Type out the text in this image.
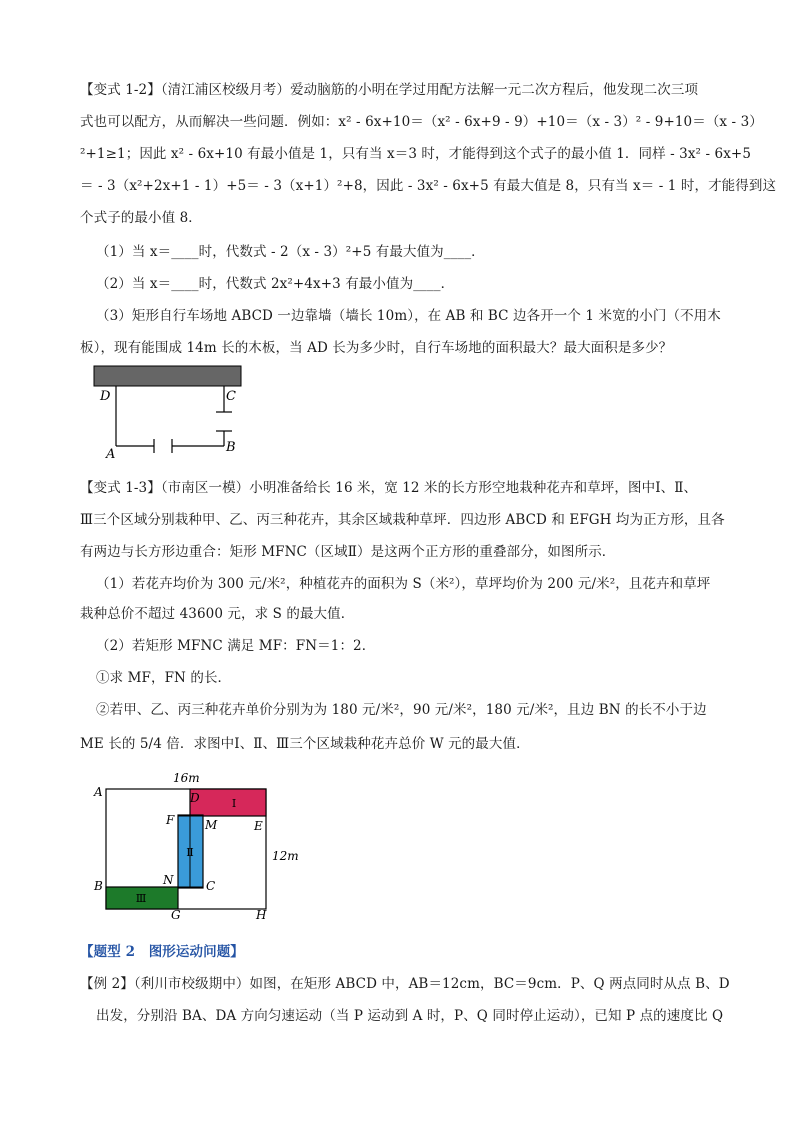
【变式 1-2】（清江浦区校级月考）爱动脑筋的小明在学过用配方法解一元二次方程后，他发现二次三项
式也可以配方，从而解决一些问题．例如：x² - 6x+10＝（x² - 6x+9 - 9）+10＝（x - 3）² - 9+10＝（x - 3）
²+1≥1；因此 x² - 6x+10 有最小值是 1，只有当 x＝3 时，才能得到这个式子的最小值 1．同样 - 3x² - 6x+5
＝ - 3（x²+2x+1 - 1）+5＝ - 3（x+1）²+8，因此 - 3x² - 6x+5 有最大值是 8，只有当 x＝ - 1 时，才能得到这
个式子的最小值 8．
（1）当 x＝____时，代数式 - 2（x - 3）²+5 有最大值为____．
（2）当 x＝____时，代数式 2x²+4x+3 有最小值为____．
（3）矩形自行车场地 ABCD 一边靠墙（墙长 10m），在 AB 和 BC 边各开一个 1 米宽的小门（不用木
板），现有能围成 14m 长的木板，当 AD 长为多少时，自行车场地的面积最大？最大面积是多少？
D	C
B
A
【变式 1-3】（市南区一模）小明准备给长 16 米，宽 12 米的长方形空地栽种花卉和草坪，图中Ⅰ、Ⅱ、
Ⅲ三个区域分别栽种甲、乙、丙三种花卉，其余区域栽种草坪．四边形 ABCD 和 EFGH 均为正方形，且各
有两边与长方形边重合：矩形 MFNC（区域Ⅱ）是这两个正方形的重叠部分，如图所示．
（1）若花卉均价为 300 元/米²，种植花卉的面积为 S（米²），草坪均价为 200 元/米²，且花卉和草坪
栽种总价不超过 43600 元，求 S 的最大值．
（2）若矩形 MFNC 满足 MF：FN＝1：2．
①求 MF，FN 的长．
②若甲、乙、丙三种花卉单价分别为为 180 元/米²，90 元/米²，180 元/米²，且边 BN 的长不小于边
ME 长的 5/4 倍．求图中Ⅰ、Ⅱ、Ⅲ三个区域栽种花卉总价 W 元的最大值．
16m
12m
A	D
E
F	M
N	C
B
G	H
Ⅰ
Ⅱ
Ⅲ
【题型 2　图形运动问题】
【例 2】（利川市校级期中）如图，在矩形 ABCD 中，AB＝12cm，BC＝9cm．P、Q 两点同时从点 B、D
出发，分别沿 BA、DA 方向匀速运动（当 P 运动到 A 时，P、Q 同时停止运动），已知 P 点的速度比 Q
